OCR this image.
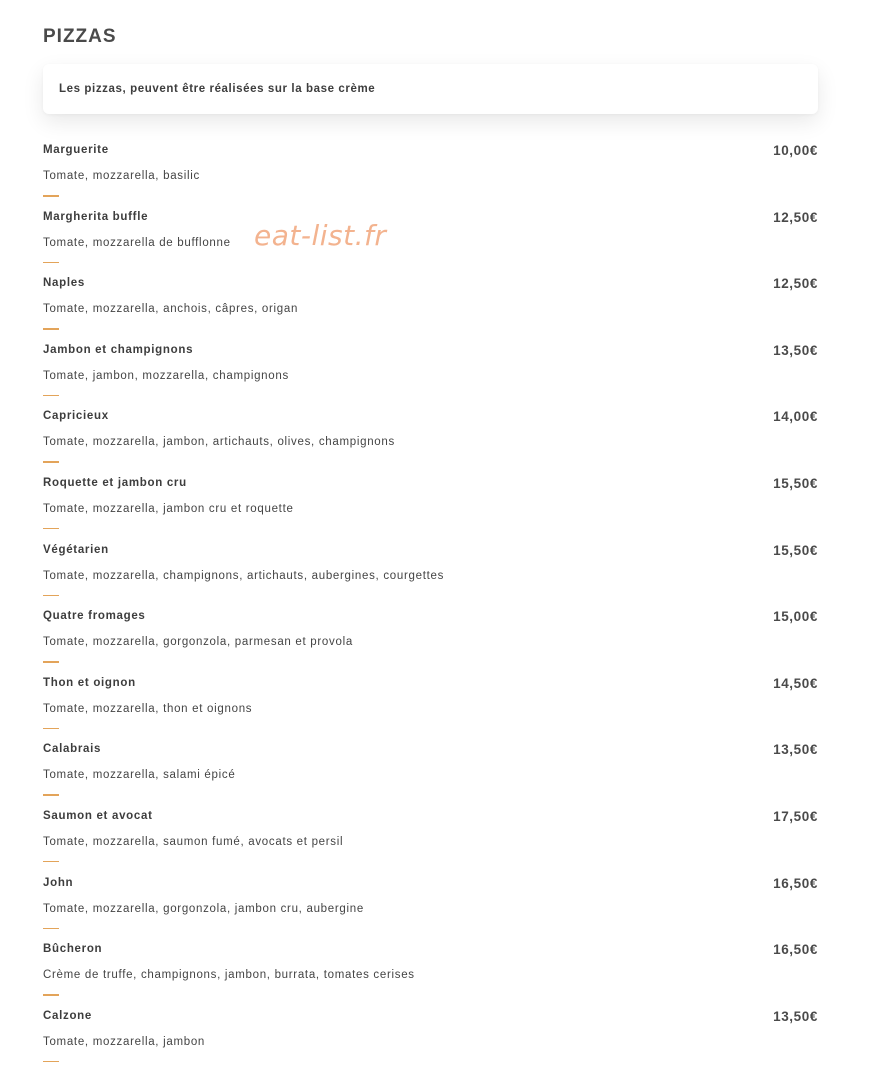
PIZZAS
Les pizzas, peuvent être réalisées sur la base crème
Marguerite	10,00€
Tomate, mozzarella, basilic
Margherita buffle	12,50€
Tomate, mozzarella de bufflonne
Naples	12,50€
Tomate, mozzarella, anchois, câpres, origan
Jambon et champignons	13,50€
Tomate, jambon, mozzarella, champignons
Capricieux	14,00€
Tomate, mozzarella, jambon, artichauts, olives, champignons
Roquette et jambon cru	15,50€
Tomate, mozzarella, jambon cru et roquette
Végétarien	15,50€
Tomate, mozzarella, champignons, artichauts, aubergines, courgettes
Quatre fromages	15,00€
Tomate, mozzarella, gorgonzola, parmesan et provola
Thon et oignon	14,50€
Tomate, mozzarella, thon et oignons
Calabrais	13,50€
Tomate, mozzarella, salami épicé
Saumon et avocat	17,50€
Tomate, mozzarella, saumon fumé, avocats et persil
John	16,50€
Tomate, mozzarella, gorgonzola, jambon cru, aubergine
Bûcheron	16,50€
Crème de truffe, champignons, jambon, burrata, tomates cerises
Calzone	13,50€
Tomate, mozzarella, jambon
eat-list.fr
